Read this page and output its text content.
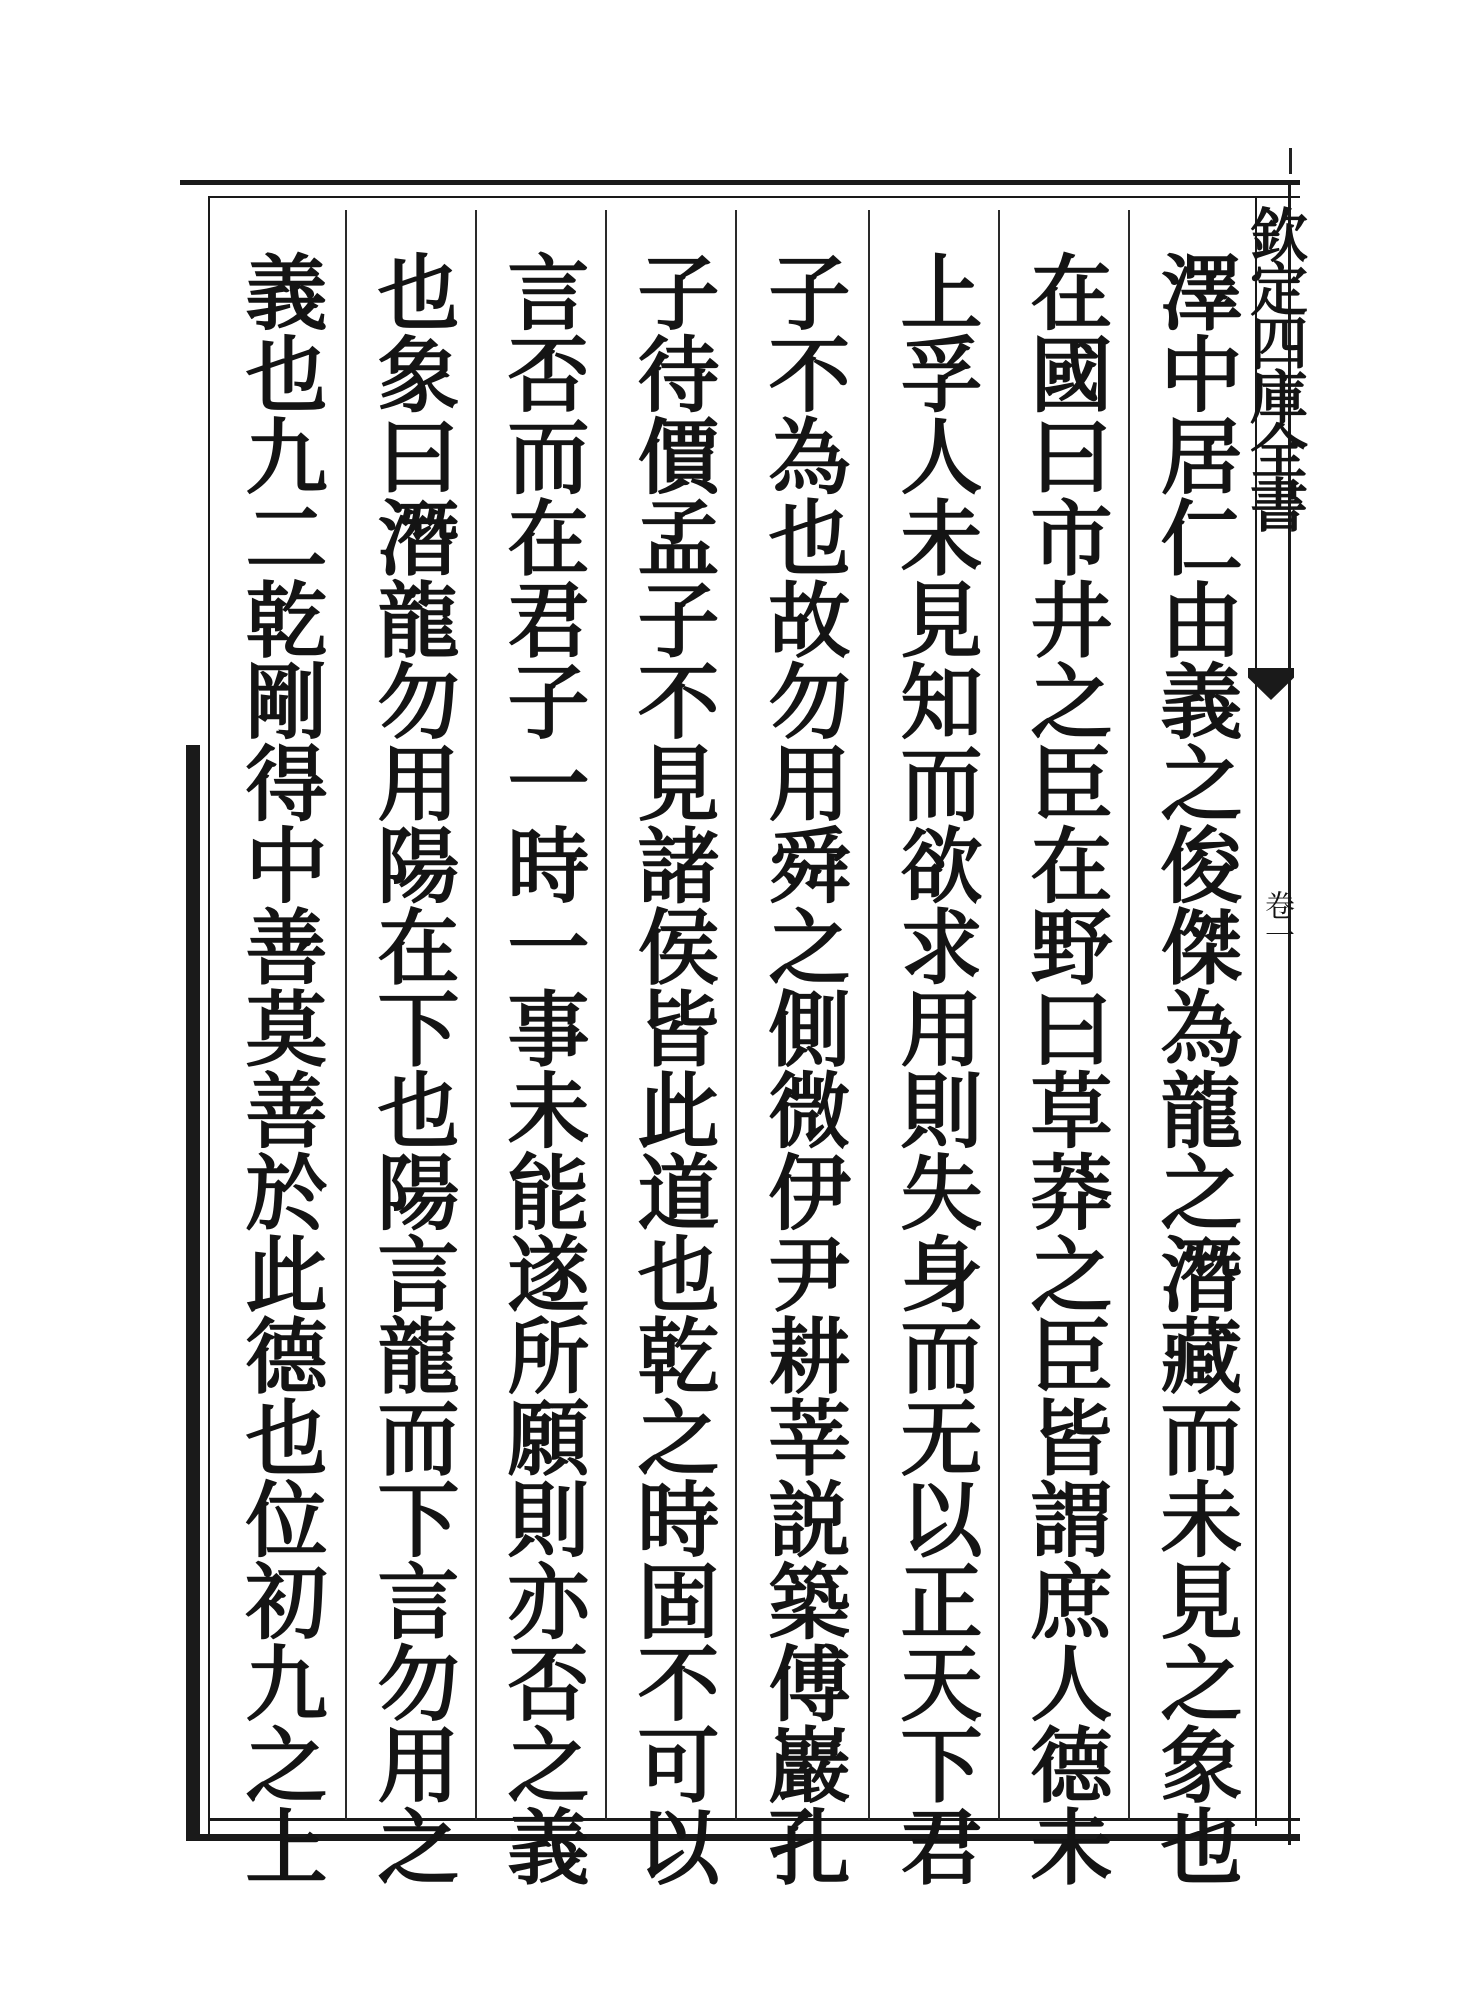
欽定四庫全書
卷一
澤中居仁由義之俊傑為龍之潛藏而未見之象也
在國曰市井之臣在野曰草莽之臣皆謂庶人德未
上孚人未見知而欲求用則失身而无以正天下君
子不為也故勿用舜之側微伊尹耕莘説築傅巖孔
子待價孟子不見諸侯皆此道也乾之時固不可以
言否而在君子一時一事未能遂所願則亦否之義
也象曰潛龍勿用陽在下也陽言龍而下言勿用之
義也九二乾剛得中善莫善於此德也位初九之上
